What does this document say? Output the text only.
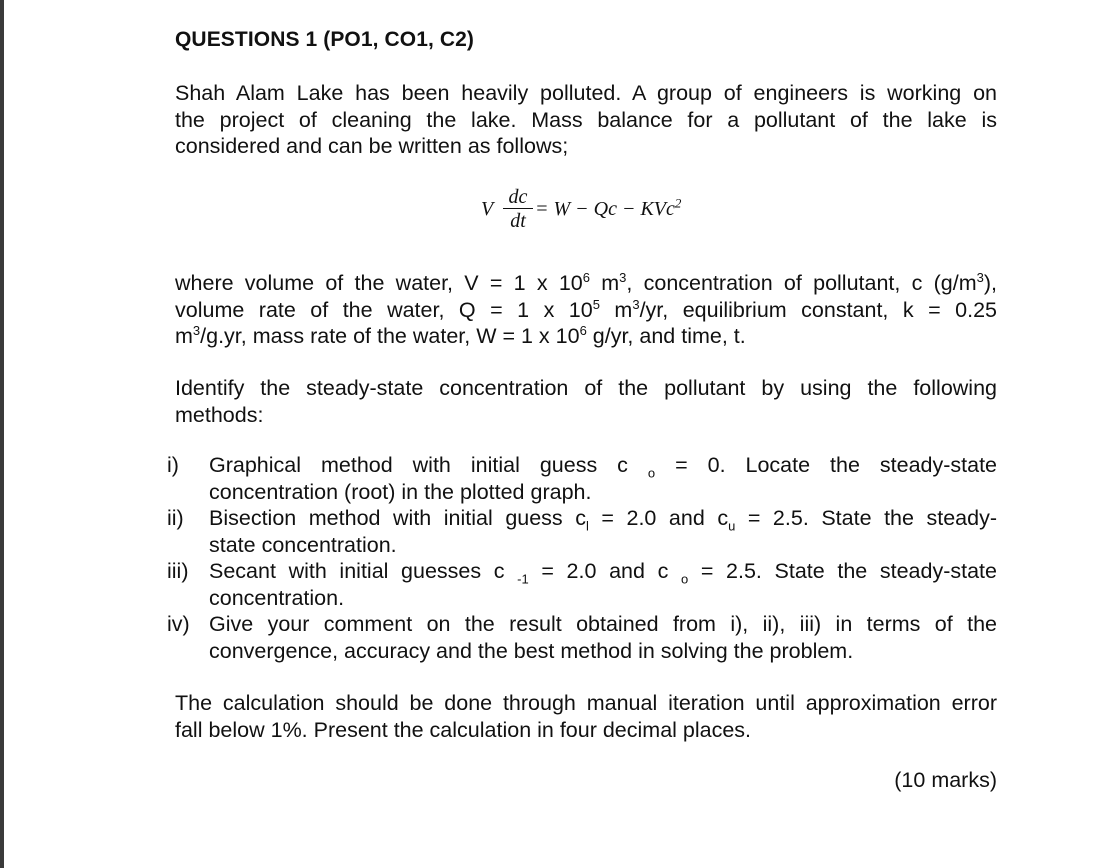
QUESTIONS 1 (PO1, CO1, C2)
Shah Alam Lake has been heavily polluted. A group of engineers is working on
the project of cleaning the lake. Mass balance for a pollutant of the lake is
considered and can be written as follows;
V
dc
dt
= W − Qc − KVc$^2$
where volume of the water, V = 1 x $10^6$ $m^3$, concentration of pollutant, c $(g/m^3)$,
volume rate of the water, Q = 1 x $10^5$ $m^3/yr$, equilibrium constant, k = 0.25
$m^3/g.yr$, mass rate of the water, W = 1 x $10^6$ g/yr, and time, t.
Identify the steady-state concentration of the pollutant by using the following
methods:
i) Graphical method with initial guess c $_o$ = 0. Locate the steady-state
concentration (root) in the plotted graph.
ii) Bisection method with initial guess $c_l = 2.0$ and $c_u = 2.5$. State the steady-
state concentration.
iii) Secant with initial guesses c $_{-1}$ = 2.0 and c $_o$ = 2.5. State the steady-state
concentration.
iv) Give your comment on the result obtained from i), ii), iii) in terms of the
convergence, accuracy and the best method in solving the problem.
The calculation should be done through manual iteration until approximation error
fall below 1%. Present the calculation in four decimal places.
(10 marks)
